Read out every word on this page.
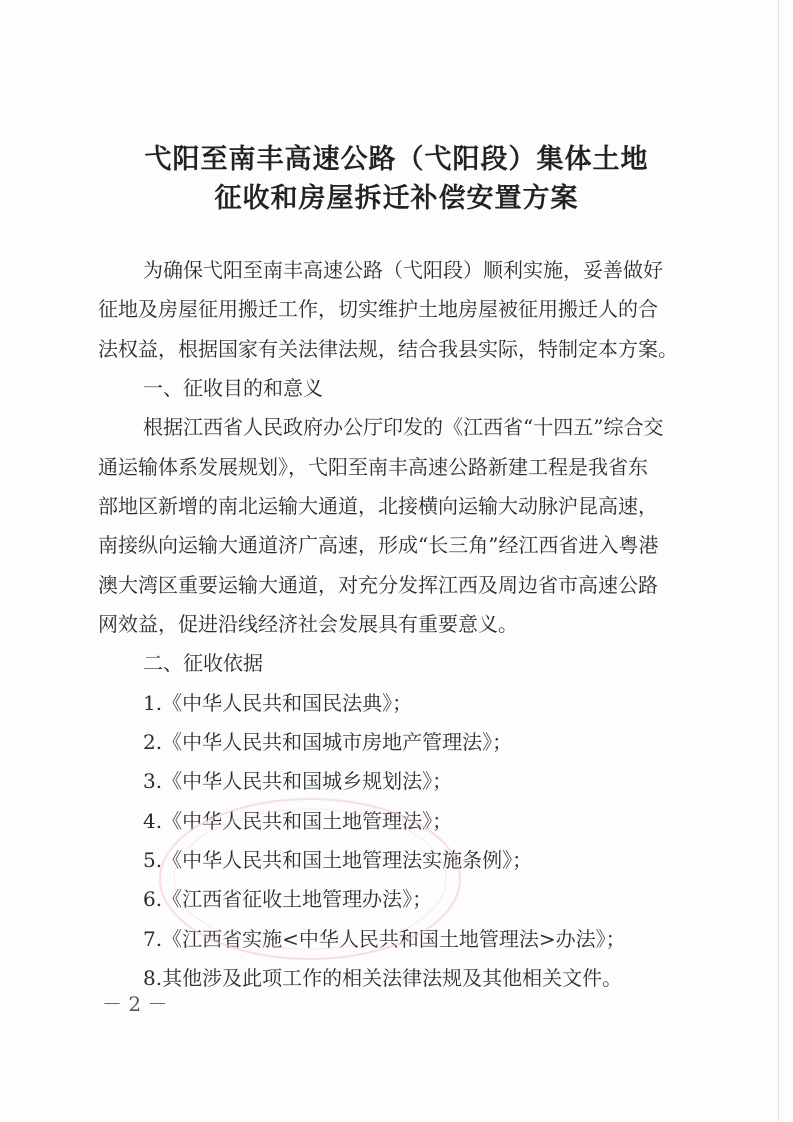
弋阳至南丰高速公路（弋阳段）集体土地
征收和房屋拆迁补偿安置方案
为确保弋阳至南丰高速公路（弋阳段）顺利实施，妥善做好
征地及房屋征用搬迁工作，切实维护土地房屋被征用搬迁人的合
法权益，根据国家有关法律法规，结合我县实际，特制定本方案。
一、征收目的和意义
根据江西省人民政府办公厅印发的《江西省“十四五”综合交
通运输体系发展规划》，弋阳至南丰高速公路新建工程是我省东
部地区新增的南北运输大通道，北接横向运输大动脉沪昆高速，
南接纵向运输大通道济广高速，形成“长三角”经江西省进入粤港
澳大湾区重要运输大通道，对充分发挥江西及周边省市高速公路
网效益，促进沿线经济社会发展具有重要意义。
二、征收依据
1.《中华人民共和国民法典》；
2.《中华人民共和国城市房地产管理法》；
3.《中华人民共和国城乡规划法》；
4.《中华人民共和国土地管理法》；
5.《中华人民共和国土地管理法实施条例》；
6.《江西省征收土地管理办法》；
7.《江西省实施<中华人民共和国土地管理法>办法》；
8.其他涉及此项工作的相关法律法规及其他相关文件。
－ 2 －
